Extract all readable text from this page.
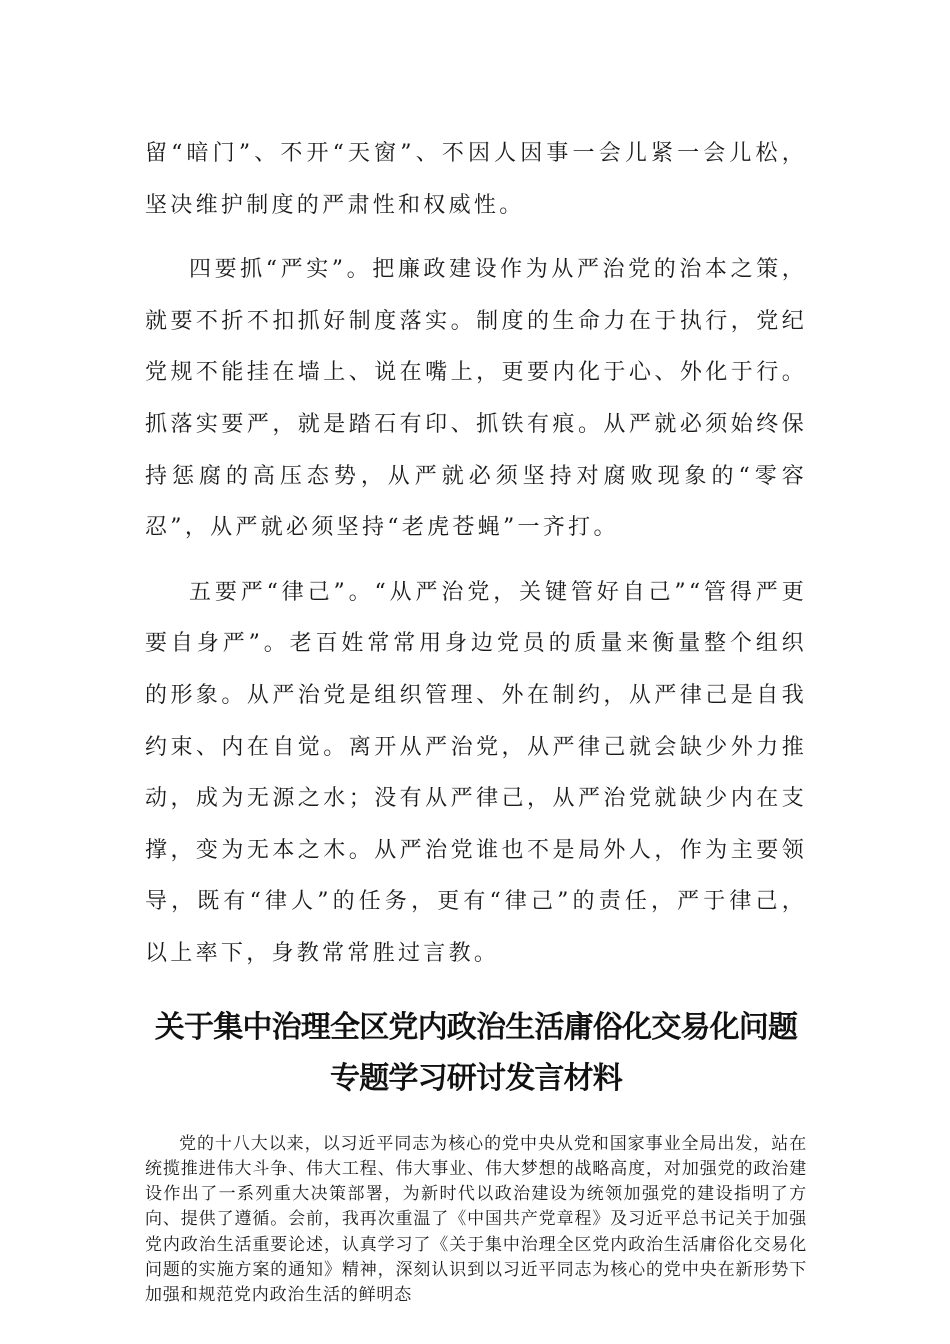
留“暗门”、不开“天窗”、不因人因事一会儿紧一会儿松，坚决维护制度的严肃性和权威性。

四要抓“严实”。把廉政建设作为从严治党的治本之策，就要不折不扣抓好制度落实。制度的生命力在于执行，党纪党规不能挂在墙上、说在嘴上，更要内化于心、外化于行。抓落实要严，就是踏石有印、抓铁有痕。从严就必须始终保持惩腐的高压态势，从严就必须坚持对腐败现象的“零容忍”，从严就必须坚持“老虎苍蝇”一齐打。

五要严“律己”。“从严治党，关键管好自己”“管得严更要自身严”。老百姓常常用身边党员的质量来衡量整个组织的形象。从严治党是组织管理、外在制约，从严律己是自我约束、内在自觉。离开从严治党，从严律己就会缺少外力推动，成为无源之水；没有从严律己，从严治党就缺少内在支撑，变为无本之木。从严治党谁也不是局外人，作为主要领导，既有“律人”的任务，更有“律己”的责任，严于律己，以上率下，身教常常胜过言教。

关于集中治理全区党内政治生活庸俗化交易化问题专题学习研讨发言材料

党的十八大以来，以习近平同志为核心的党中央从党和国家事业全局出发，站在统揽推进伟大斗争、伟大工程、伟大事业、伟大梦想的战略高度，对加强党的政治建设作出了一系列重大决策部署，为新时代以政治建设为统领加强党的建设指明了方向、提供了遵循。会前，我再次重温了《中国共产党章程》及习近平总书记关于加强党内政治生活重要论述，认真学习了《关于集中治理全区党内政治生活庸俗化交易化问题的实施方案的通知》精神，深刻认识到以习近平同志为核心的党中央在新形势下加强和规范党内政治生活的鲜明态
